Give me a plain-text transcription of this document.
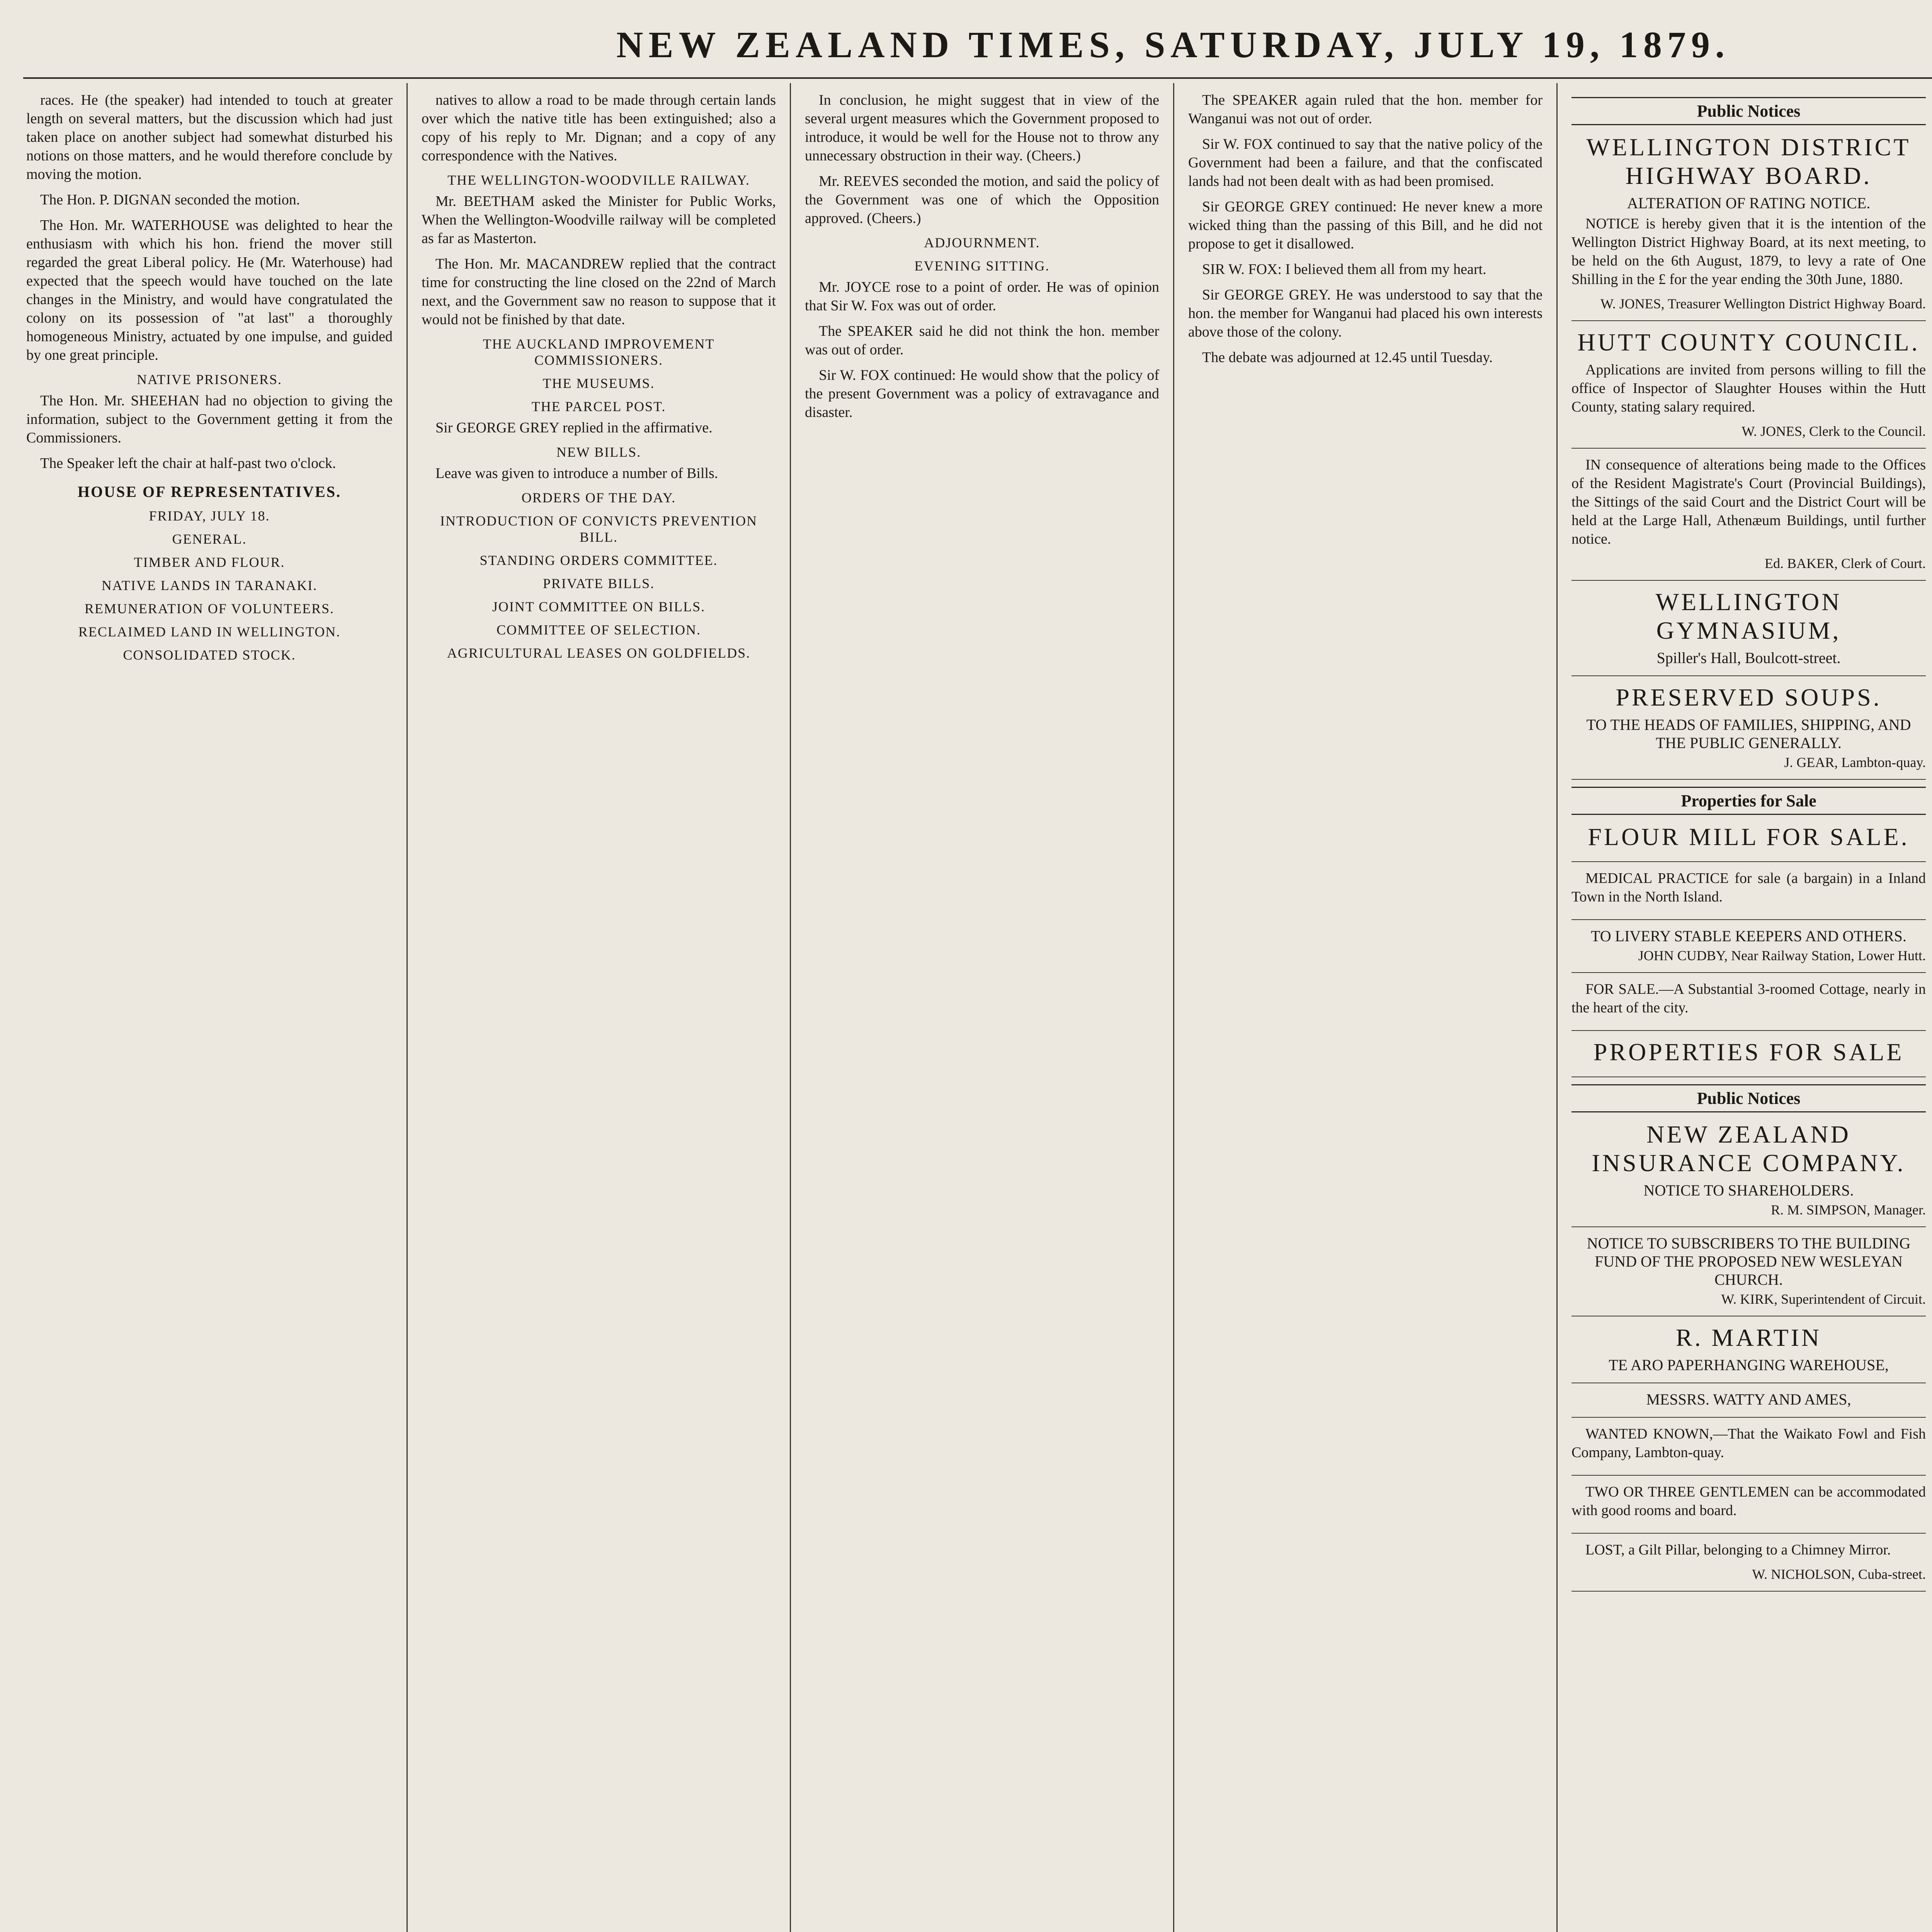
NEW ZEALAND TIMES, SATURDAY, JULY 19, 1879.

races. He (the speaker) had intended to touch at greater length on several matters, but the discussion which had just taken place on another subject had somewhat disturbed his notions on those matters, and he would therefore conclude by moving the motion.

The Hon. P. DIGNAN seconded the motion.

The Hon. Mr. WATERHOUSE was delighted to hear the enthusiasm with which his hon. friend the mover still regarded the great Liberal policy. He (Mr. Waterhouse) had expected that the speech would have touched on the late changes in the Ministry, and would have congratulated the colony on its possession of "at last" a thoroughly homogeneous Ministry, actuated by one impulse, and guided by one great principle.

NATIVE PRISONERS.

The Hon. Mr. SHEEHAN had no objection to giving the information, subject to the Government getting it from the Commissioners.

The Speaker left the chair at half-past two o'clock.

HOUSE OF REPRESENTATIVES.
FRIDAY, JULY 18.
GENERAL.
TIMBER AND FLOUR.
NATIVE LANDS IN TARANAKI.
REMUNERATION OF VOLUNTEERS.
RECLAIMED LAND IN WELLINGTON.
CONSOLIDATED STOCK.

natives to allow a road to be made through certain lands over which the native title has been extinguished; also a copy of his reply to Mr. Dignan; and a copy of any correspondence with the Natives.

THE WELLINGTON-WOODVILLE RAILWAY.

Mr. BEETHAM asked the Minister for Public Works, When the Wellington-Woodville railway will be completed as far as Masterton.

The Hon. Mr. MACANDREW replied that the contract time for constructing the line closed on the 22nd of March next, and the Government saw no reason to suppose that it would not be finished by that date.

THE AUCKLAND IMPROVEMENT COMMISSIONERS.
THE MUSEUMS.
THE PARCEL POST.

Sir GEORGE GREY replied in the affirmative.

NEW BILLS.

Leave was given to introduce a number of Bills.

ORDERS OF THE DAY.
INTRODUCTION OF CONVICTS PREVENTION BILL.
STANDING ORDERS COMMITTEE.
PRIVATE BILLS.
JOINT COMMITTEE ON BILLS.
COMMITTEE OF SELECTION.
AGRICULTURAL LEASES ON GOLDFIELDS.

In conclusion, he might suggest that in view of the several urgent measures which the Government proposed to introduce, it would be well for the House not to throw any unnecessary obstruction in their way. (Cheers.)

Mr. REEVES seconded the motion, and said the policy of the Government was one of which the Opposition approved. (Cheers.)

ADJOURNMENT.
EVENING SITTING.

Mr. JOYCE rose to a point of order. He was of opinion that Sir W. Fox was out of order.

The SPEAKER said he did not think the hon. member was out of order.

Sir W. FOX continued: He would show that the policy of the present Government was a policy of extravagance and disaster.

The SPEAKER again ruled that the hon. member for Wanganui was not out of order.

Sir W. FOX continued to say that the native policy of the Government had been a failure, and that the confiscated lands had not been dealt with as had been promised.

Sir GEORGE GREY continued: He never knew a more wicked thing than the passing of this Bill, and he did not propose to get it disallowed.

SIR W. FOX: I believed them all from my heart.

Sir GEORGE GREY. He was understood to say that the hon. the member for Wanganui had placed his own interests above those of the colony.

The debate was adjourned at 12.45 until Tuesday.

Public Notices
WELLINGTON DISTRICT HIGHWAY BOARD.
ALTERATION OF RATING NOTICE.

NOTICE is hereby given that it is the intention of the Wellington District Highway Board, at its next meeting, to be held on the 6th August, 1879, to levy a rate of One Shilling in the £ for the year ending the 30th June, 1880.

W. JONES, Treasurer Wellington District Highway Board.
HUTT COUNTY COUNCIL.

Applications are invited from persons willing to fill the office of Inspector of Slaughter Houses within the Hutt County, stating salary required.

W. JONES, Clerk to the Council.

IN consequence of alterations being made to the Offices of the Resident Magistrate's Court (Provincial Buildings), the Sittings of the said Court and the District Court will be held at the Large Hall, Athenæum Buildings, until further notice.

Ed. BAKER, Clerk of Court.
WELLINGTON GYMNASIUM,
Spiller's Hall, Boulcott-street.
PRESERVED SOUPS.
TO THE HEADS OF FAMILIES, SHIPPING, AND THE PUBLIC GENERALLY.
J. GEAR, Lambton-quay.
Properties for Sale
FLOUR MILL FOR SALE.

MEDICAL PRACTICE for sale (a bargain) in a Inland Town in the North Island.

TO LIVERY STABLE KEEPERS AND OTHERS.
JOHN CUDBY, Near Railway Station, Lower Hutt.

FOR SALE.—A Substantial 3-roomed Cottage, nearly in the heart of the city.

PROPERTIES FOR SALE
Public Notices
NEW ZEALAND INSURANCE COMPANY.
NOTICE TO SHAREHOLDERS.
R. M. SIMPSON, Manager.
NOTICE TO SUBSCRIBERS TO THE BUILDING FUND OF THE PROPOSED NEW WESLEYAN CHURCH.
W. KIRK, Superintendent of Circuit.
R. MARTIN
TE ARO PAPERHANGING WAREHOUSE,
MESSRS. WATTY AND AMES,

WANTED KNOWN,—That the Waikato Fowl and Fish Company, Lambton-quay.

TWO OR THREE GENTLEMEN can be accommodated with good rooms and board.

LOST, a Gilt Pillar, belonging to a Chimney Mirror.

W. NICHOLSON, Cuba-street.
